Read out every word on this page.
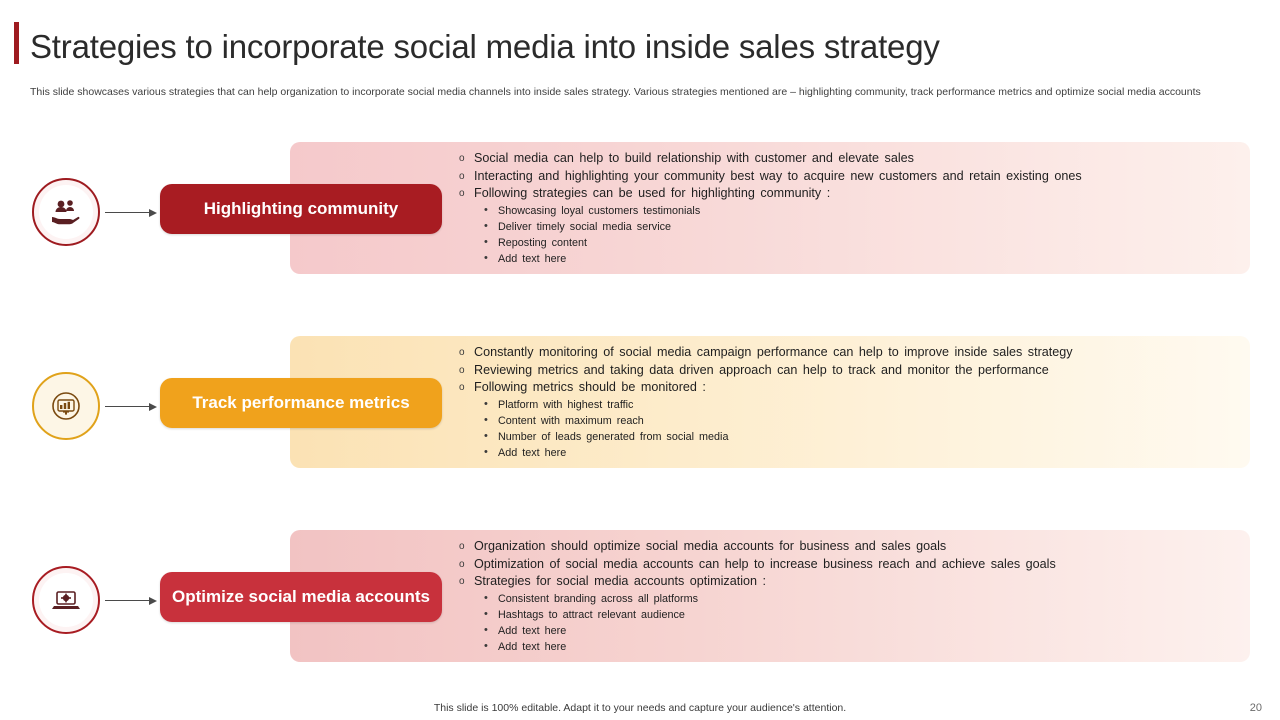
Strategies to incorporate social media into inside sales strategy
This slide showcases various strategies that can help organization to incorporate social media channels into inside sales strategy. Various strategies mentioned are – highlighting community, track performance metrics and optimize social media accounts
Highlighting community
o Social media can help to build relationship with customer and elevate sales
o Interacting and highlighting your community best way to acquire new customers and retain existing ones
o Following strategies can be used for highlighting community :
• Showcasing loyal customers testimonials
• Deliver timely social media service
• Reposting content
• Add text here
Track performance metrics
o Constantly monitoring of social media campaign performance can help to improve inside sales strategy
o Reviewing metrics and taking data driven approach can help to track and monitor the performance
o Following metrics should be monitored :
• Platform with highest traffic
• Content with maximum reach
• Number of leads generated from social media
• Add text here
Optimize social media accounts
o Organization should optimize social media accounts for business and sales goals
o Optimization of social media accounts can help to increase business reach and achieve sales goals
o Strategies for social media accounts optimization :
• Consistent branding across all platforms
• Hashtags to attract relevant audience
• Add text here
• Add text here
This slide is 100% editable. Adapt it to your needs and capture your audience's attention.	20
